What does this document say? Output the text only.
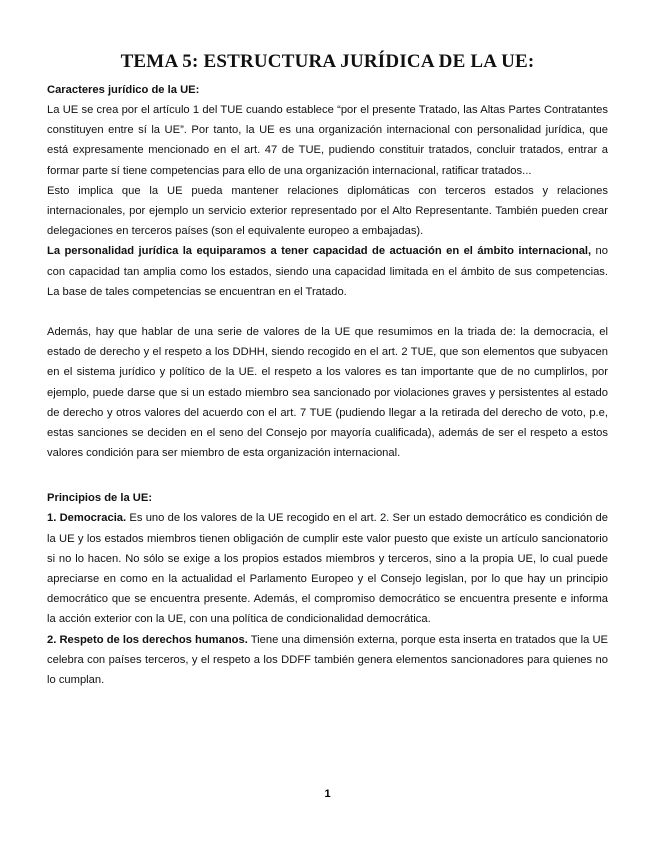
TEMA 5: ESTRUCTURA JURÍDICA DE LA UE:
Caracteres jurídico de la UE:

La UE se crea por el artículo 1 del TUE cuando establece “por el presente Tratado, las Altas Partes Contratantes constituyen entre sí la UE”. Por tanto, la UE es una organización internacional con personalidad jurídica, que está expresamente mencionado en el art. 47 de TUE, pudiendo constituir tratados, concluir tratados, entrar a formar parte sí tiene competencias para ello de una organización internacional, ratificar tratados...

Esto implica que la UE pueda mantener relaciones diplomáticas con terceros estados y relaciones internacionales, por ejemplo un servicio exterior representado por el Alto Representante. También pueden crear delegaciones en terceros países (son el equivalente europeo a embajadas).

La personalidad jurídica la equiparamos a tener capacidad de actuación en el ámbito internacional, no con capacidad tan amplia como los estados, siendo una capacidad limitada en el ámbito de sus competencias. La base de tales competencias se encuentran en el Tratado.

Además, hay que hablar de una serie de valores de la UE que resumimos en la triada de: la democracia, el estado de derecho y el respeto a los DDHH, siendo recogido en el art. 2 TUE, que son elementos que subyacen en el sistema jurídico y político de la UE. el respeto a los valores es tan importante que de no cumplirlos, por ejemplo, puede darse que si un estado miembro sea sancionado por violaciones graves y persistentes al estado de derecho y otros valores del acuerdo con el art. 7 TUE (pudiendo llegar a la retirada del derecho de voto, p.e, estas sanciones se deciden en el seno del Consejo por mayoría cualificada), además de ser el respeto a estos valores condición para ser miembro de esta organización internacional.

Principios de la UE:

1. Democracia. Es uno de los valores de la UE recogido en el art. 2. Ser un estado democrático es condición de la UE y los estados miembros tienen obligación de cumplir este valor puesto que existe un artículo sancionatorio si no lo hacen. No sólo se exige a los propios estados miembros y terceros, sino a la propia UE, lo cual puede apreciarse en como en la actualidad el Parlamento Europeo y el Consejo legislan, por lo que hay un principio democrático que se encuentra presente. Además, el compromiso democrático se encuentra presente e informa la acción exterior con la UE, con una política de condicionalidad democrática.

2. Respeto de los derechos humanos. Tiene una dimensión externa, porque esta inserta en tratados que la UE celebra con países terceros, y el respeto a los DDFF también genera elementos sancionadores para quienes no lo cumplan.

1
